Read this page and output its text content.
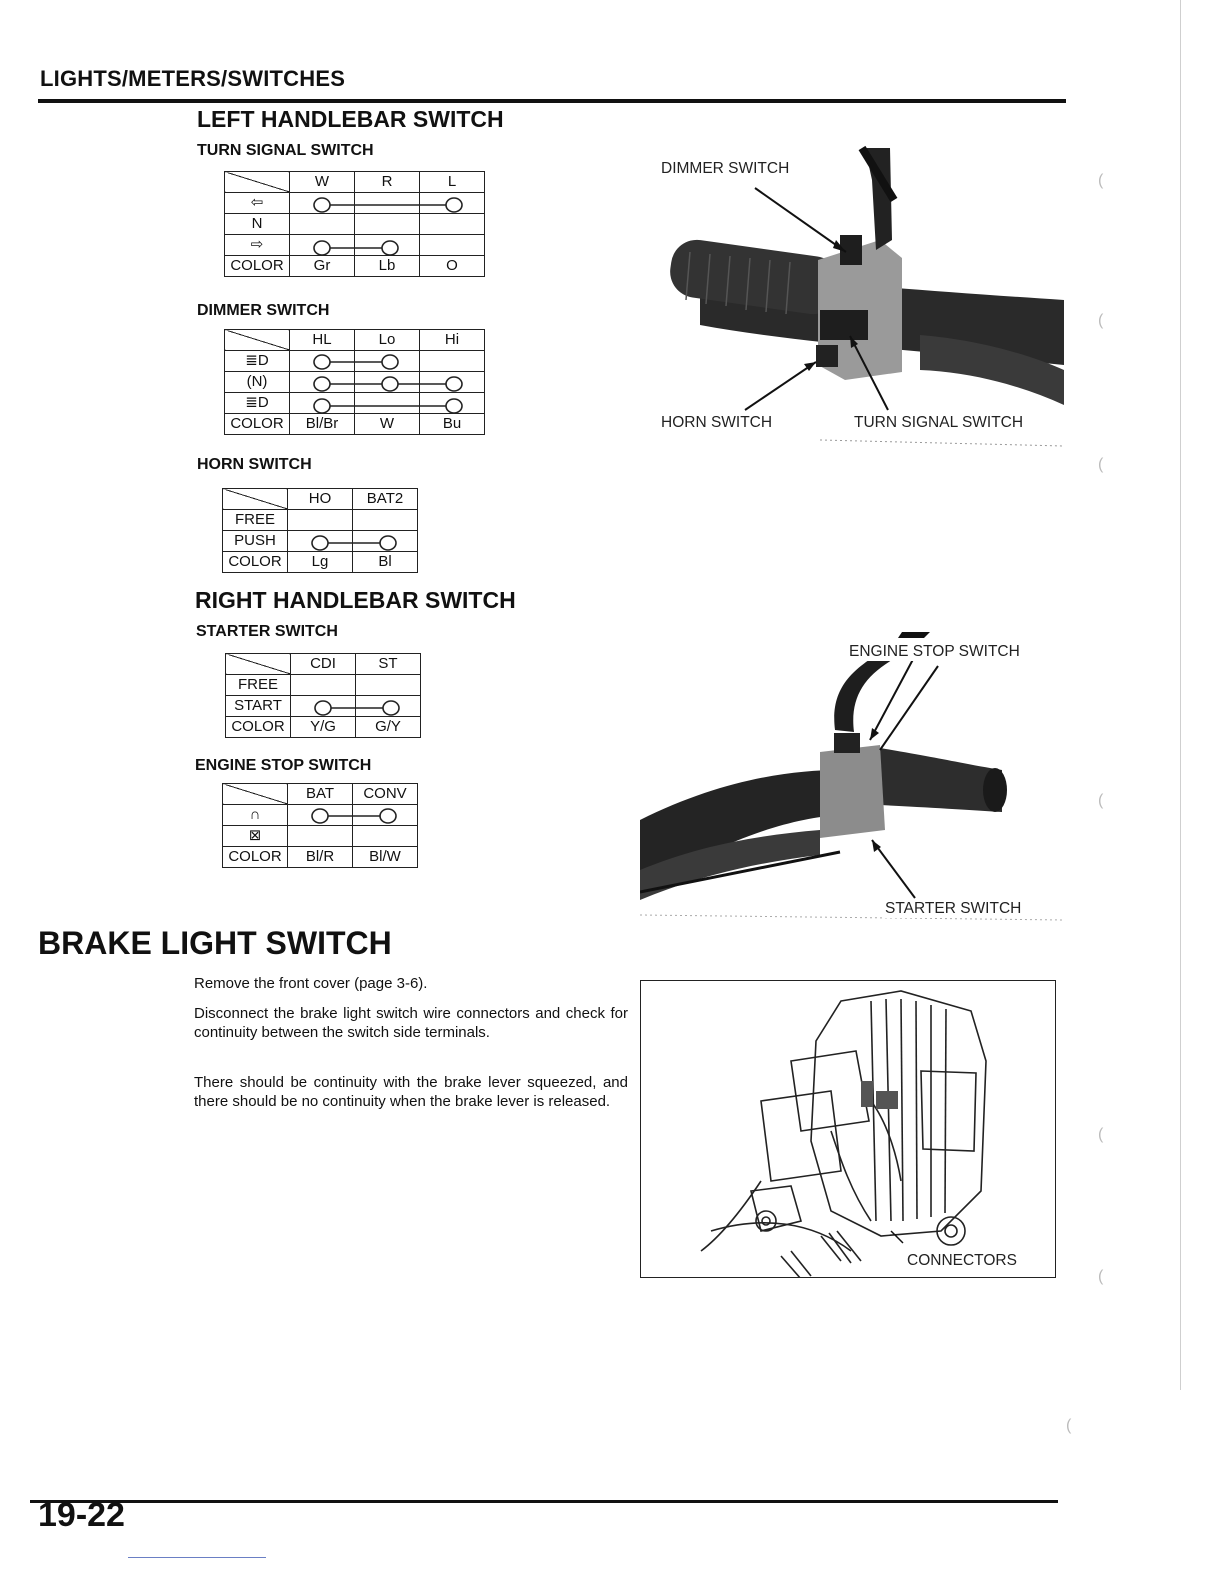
LIGHTS/METERS/SWITCHES
LEFT HANDLEBAR SWITCH
TURN SIGNAL SWITCH
	W	R	L
⇦			
N			
⇨			
COLOR	Gr	Lb	O
DIMMER SWITCH
	HL	Lo	Hi
≣D			
(N)			
≣D			
COLOR	Bl/Br	W	Bu
HORN SWITCH
	HO	BAT2
FREE		
PUSH		
COLOR	Lg	Bl
RIGHT HANDLEBAR SWITCH
STARTER SWITCH
	CDI	ST
FREE		
START		
COLOR	Y/G	G/Y
ENGINE STOP SWITCH
	BAT	CONV
∩		
⊠		
COLOR	Bl/R	Bl/W
DIMMER SWITCH
HORN SWITCH	TURN SIGNAL SWITCH
ENGINE STOP SWITCH
STARTER SWITCH
BRAKE LIGHT SWITCH
Remove the front cover (page 3-6).
Disconnect the brake light switch wire connectors and check for continuity between the switch side terminals.
There should be continuity with the brake lever squeezed, and there should be no continuity when the brake lever is released.
CONNECTORS
19-22
(
(
(
(
(
(
(
